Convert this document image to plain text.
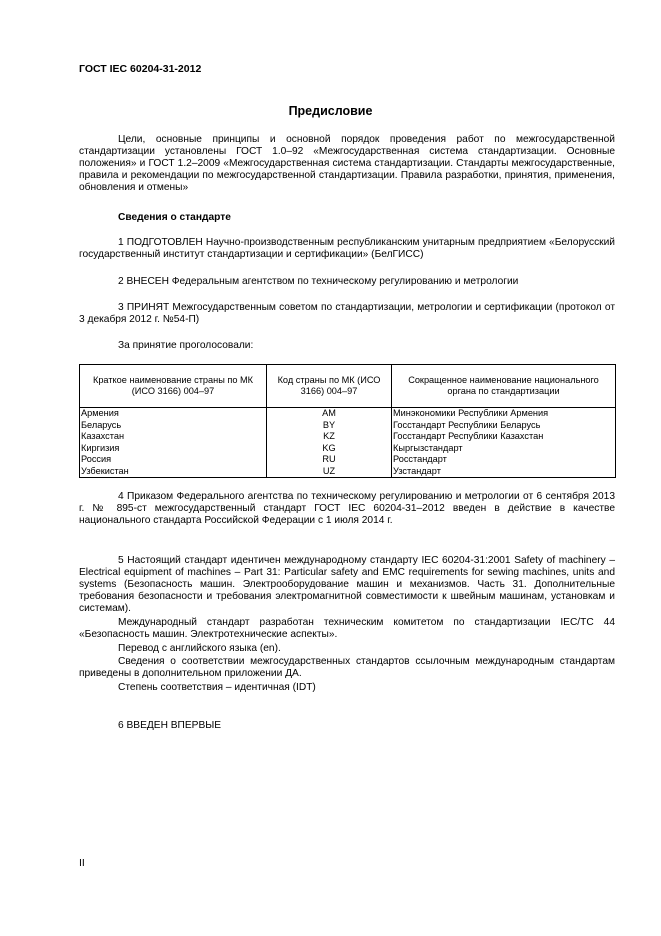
ГОСТ IEC 60204-31-2012
Предисловие
Цели, основные принципы и основной порядок проведения работ по межгосударственной стандартизации установлены ГОСТ 1.0–92 «Межгосударственная система стандартизации. Основные положения» и ГОСТ 1.2–2009 «Межгосударственная система стандартизации. Стандарты межгосударственные, правила и рекомендации по межгосударственной стандартизации. Правила разработки, принятия, применения, обновления и отмены»
Сведения о стандарте
1 ПОДГОТОВЛЕН Научно-производственным республиканским унитарным предприятием «Белорусский государственный институт стандартизации и сертификации» (БелГИСС)
2 ВНЕСЕН Федеральным агентством по техническому регулированию и метрологии
3 ПРИНЯТ Межгосударственным советом по стандартизации, метрологии и сертификации (протокол от 3 декабря 2012 г. №54-П)
За принятие проголосовали:
Краткое наименование страны по МК (ИСО 3166) 004–97	Код страны по МК (ИСО 3166) 004–97	Сокращенное наименование национального органа по стандартизации
Армения	AM	Минэкономики Республики Армения
Беларусь	BY	Госстандарт Республики Беларусь
Казахстан	KZ	Госстандарт Республики Казахстан
Киргизия	KG	Кыргызстандарт
Россия	RU	Росстандарт
Узбекистан	UZ	Узстандарт
4 Приказом Федерального агентства по техническому регулированию и метрологии от 6 сентября 2013 г. № 895-ст межгосударственный стандарт ГОСТ IEC 60204-31–2012 введен в действие в качестве национального стандарта Российской Федерации с 1 июля 2014 г.
5 Настоящий стандарт идентичен международному стандарту IEC 60204-31:2001 Safety of machinery – Electrical equipment of machines – Part 31: Particular safety and EMC requirements for sewing machines, units and systems (Безопасность машин. Электрооборудование машин и механизмов. Часть 31. Дополнительные требования безопасности и требования электромагнитной совместимости к швейным машинам, установкам и системам).
Международный стандарт разработан техническим комитетом по стандартизации IEC/TC 44 «Безопасность машин. Электротехнические аспекты».
Перевод с английского языка (en).
Сведения о соответствии межгосударственных стандартов ссылочным международным стандартам приведены в дополнительном приложении ДА.
Степень соответствия – идентичная (IDT)
6 ВВЕДЕН ВПЕРВЫЕ
II
